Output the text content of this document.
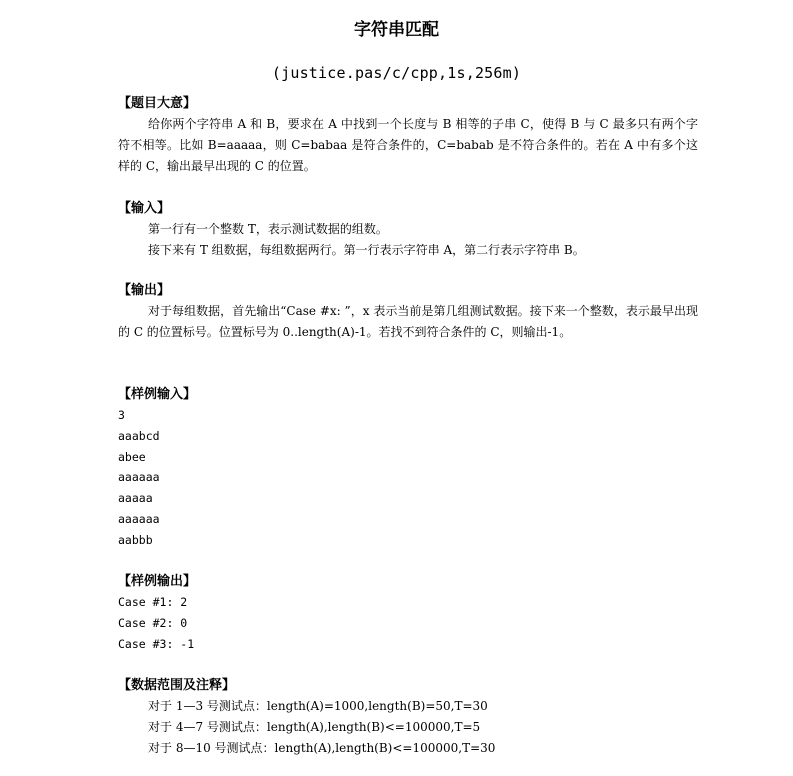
字符串匹配
(justice.pas/c/cpp,1s,256m)
【题目大意】

给你两个字符串 A 和 B，要求在 A 中找到一个长度与 B 相等的子串 C，使得 B 与 C 最多只有两个字符不相等。比如 B=aaaaa，则 C=babaa 是符合条件的，C=babab 是不符合条件的。若在 A 中有多个这样的 C，输出最早出现的 C 的位置。

【输入】
第一行有一个整数 T，表示测试数据的组数。
接下来有 T 组数据，每组数据两行。第一行表示字符串 A，第二行表示字符串 B。
【输出】

对于每组数据，首先输出“Case #x: ”，x 表示当前是第几组测试数据。接下来一个整数，表示最早出现的 C 的位置标号。位置标号为 0..length(A)-1。若找不到符合条件的 C，则输出-1。

【样例输入】
3
aaabcd
abee
aaaaaa
aaaaa
aaaaaa
aabbb
【样例输出】
Case #1: 2
Case #2: 0
Case #3: -1
【数据范围及注释】
对于 1—3 号测试点：length(A)=1000,length(B)=50,T=30
对于 4—7 号测试点：length(A),length(B)<=100000,T=5
对于 8—10 号测试点：length(A),length(B)<=100000,T=30
